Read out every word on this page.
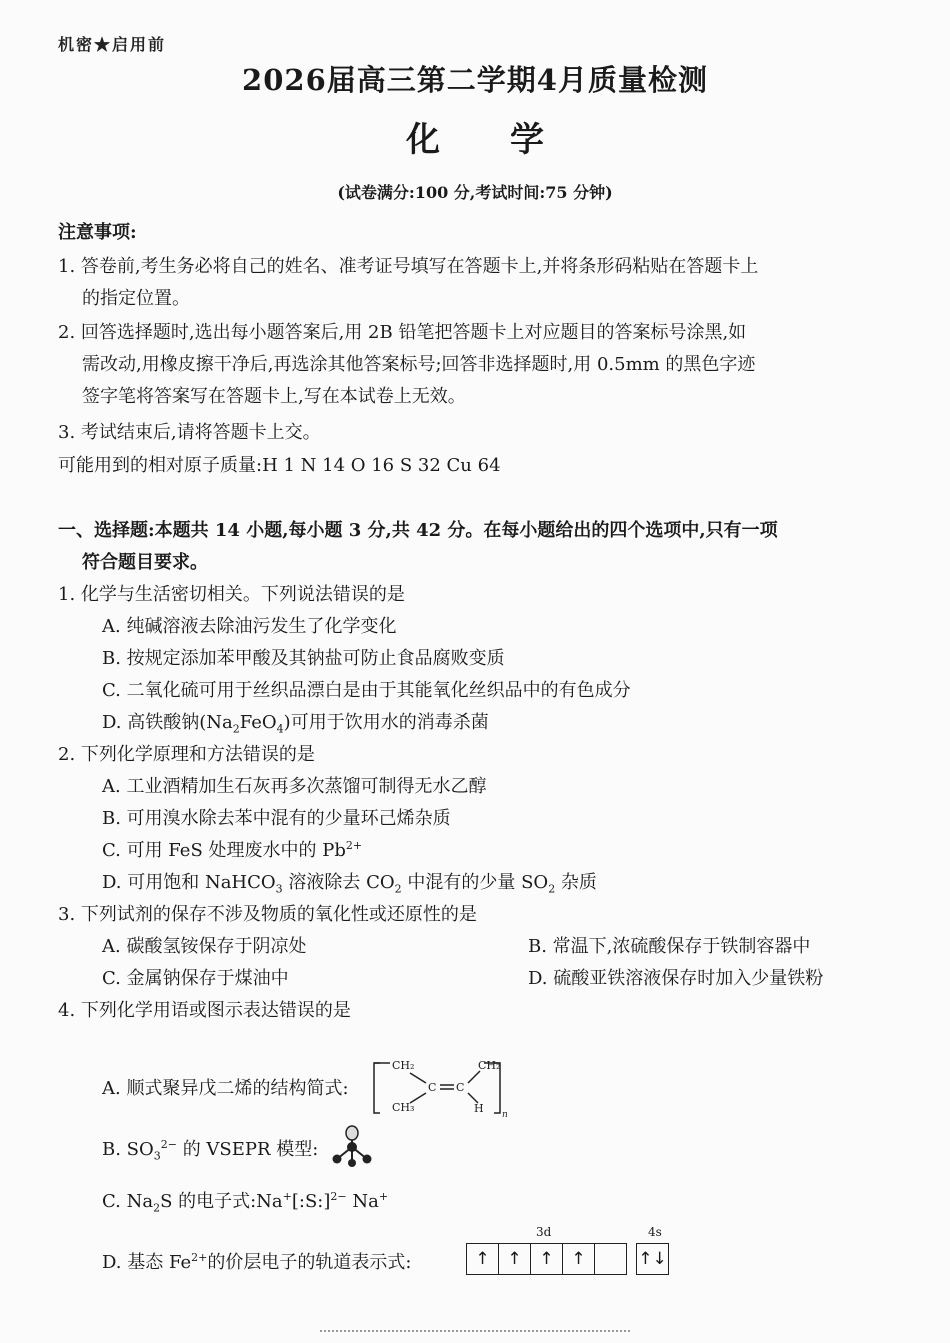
机密★启用前
2026届高三第二学期4月质量检测
化学
(试卷满分:100 分,考试时间:75 分钟)
注意事项:
1. 答卷前,考生务必将自己的姓名、准考证号填写在答题卡上,并将条形码粘贴在答题卡上
的指定位置。
2. 回答选择题时,选出每小题答案后,用 2B 铅笔把答题卡上对应题目的答案标号涂黑,如
需改动,用橡皮擦干净后,再选涂其他答案标号;回答非选择题时,用 0.5mm 的黑色字迹
签字笔将答案写在答题卡上,写在本试卷上无效。
3. 考试结束后,请将答题卡上交。
可能用到的相对原子质量:H 1 N 14 O 16 S 32 Cu 64
一、选择题:本题共 14 小题,每小题 3 分,共 42 分。在每小题给出的四个选项中,只有一项
符合题目要求。
1. 化学与生活密切相关。下列说法错误的是
A. 纯碱溶液去除油污发生了化学变化
B. 按规定添加苯甲酸及其钠盐可防止食品腐败变质
C. 二氧化硫可用于丝织品漂白是由于其能氧化丝织品中的有色成分
D. 高铁酸钠$(Na_2FeO_4)$可用于饮用水的消毒杀菌
2. 下列化学原理和方法错误的是
A. 工业酒精加生石灰再多次蒸馏可制得无水乙醇
B. 可用溴水除去苯中混有的少量环己烯杂质
C. 可用 FeS 处理废水中的 $Pb^{2+}$
D. 可用饱和 NaHCO$_3$ 溶液除去 $CO_2$ 中混有的少量 $SO_2$ 杂质
3. 下列试剂的保存不涉及物质的氧化性或还原性的是
A. 碳酸氢铵保存于阴凉处	B. 常温下,浓硫酸保存于铁制容器中
C. 金属钠保存于煤油中	D. 硫酸亚铁溶液保存时加入少量铁粉
4. 下列化学用语或图示表达错误的是
A. 顺式聚异戊二烯的结构简式:
CH₂	CH₂
C C
CH₃	H n
B. $SO_3^{2-}$ 的 VSEPR 模型:
C. $Na_2S$ 的电子式:Na+[:S:]$^{2-}$ Na+
D. 基态 $Fe^{2+}$的价层电子的轨道表示式:
3d	4s
↑	↑	↑	↑	↑↓
